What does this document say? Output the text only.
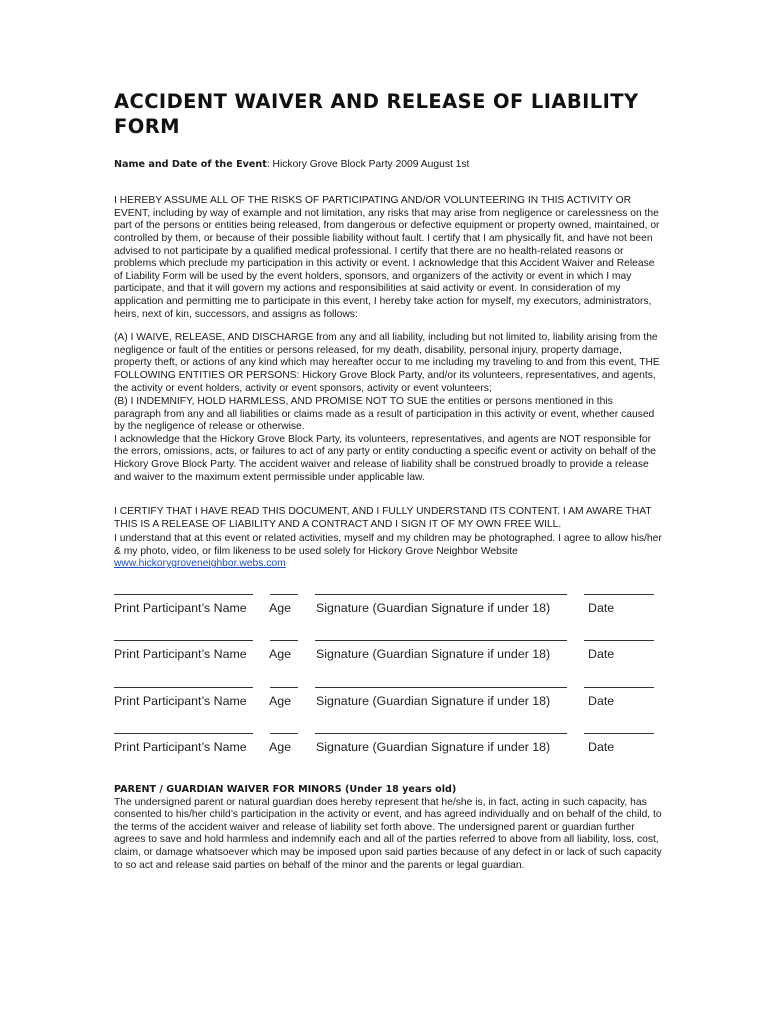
ACCIDENT WAIVER AND RELEASE OF LIABILITY FORM
Name and Date of the Event: Hickory Grove Block Party 2009 August 1st

I HEREBY ASSUME ALL OF THE RISKS OF PARTICIPATING AND/OR VOLUNTEERING IN THIS ACTIVITY OR EVENT, including by way of example and not limitation, any risks that may arise from negligence or carelessness on the part of the persons or entities being released, from dangerous or defective equipment or property owned, maintained, or controlled by them, or because of their possible liability without fault. I certify that I am physically fit, and have not been advised to not participate by a qualified medical professional. I certify that there are no health-related reasons or problems which preclude my participation in this activity or event. I acknowledge that this Accident Waiver and Release of Liability Form will be used by the event holders, sponsors, and organizers of the activity or event in which I may participate, and that it will govern my actions and responsibilities at said activity or event. In consideration of my application and permitting me to participate in this event, I hereby take action for myself, my executors, administrators, heirs, next of kin, successors, and assigns as follows:

(A) I WAIVE, RELEASE, AND DISCHARGE from any and all liability, including but not limited to, liability arising from the negligence or fault of the entities or persons released, for my death, disability, personal injury, property damage, property theft, or actions of any kind which may hereafter occur to me including my traveling to and from this event, THE FOLLOWING ENTITIES OR PERSONS: Hickory Grove Block Party, and/or its volunteers, representatives, and agents, the activity or event holders, activity or event sponsors, activity or event volunteers;

(B) I INDEMNIFY, HOLD HARMLESS, AND PROMISE NOT TO SUE the entities or persons mentioned in this paragraph from any and all liabilities or claims made as a result of participation in this activity or event, whether caused by the negligence of release or otherwise.

I acknowledge that the Hickory Grove Block Party, its volunteers, representatives, and agents are NOT responsible for the errors, omissions, acts, or failures to act of any party or entity conducting a specific event or activity on behalf of the Hickory Grove Block Party. The accident waiver and release of liability shall be construed broadly to provide a release and waiver to the maximum extent permissible under applicable law.

I CERTIFY THAT I HAVE READ THIS DOCUMENT, AND I FULLY UNDERSTAND ITS CONTENT. I AM AWARE THAT THIS IS A RELEASE OF LIABILITY AND A CONTRACT AND I SIGN IT OF MY OWN FREE WILL.

I understand that at this event or related activities, myself and my children may be photographed. I agree to allow his/her & my photo, video, or film likeness to be used solely for Hickory Grove Neighbor Website

www.hickorygroveneighbor.webs.com
Print Participant’s Name Age Signature (Guardian Signature if under 18)	Date
Print Participant’s Name Age Signature (Guardian Signature if under 18)	Date
Print Participant’s Name Age Signature (Guardian Signature if under 18)	Date
Print Participant’s Name Age Signature (Guardian Signature if under 18)	Date

PARENT / GUARDIAN WAIVER FOR MINORS (Under 18 years old)

The undersigned parent or natural guardian does hereby represent that he/she is, in fact, acting in such capacity, has consented to his/her child’s participation in the activity or event, and has agreed individually and on behalf of the child, to the terms of the accident waiver and release of liability set forth above. The undersigned parent or guardian further agrees to save and hold harmless and indemnify each and all of the parties referred to above from all liability, loss, cost, claim, or damage whatsoever which may be imposed upon said parties because of any defect in or lack of such capacity to so act and release said parties on behalf of the minor and the parents or legal guardian.
